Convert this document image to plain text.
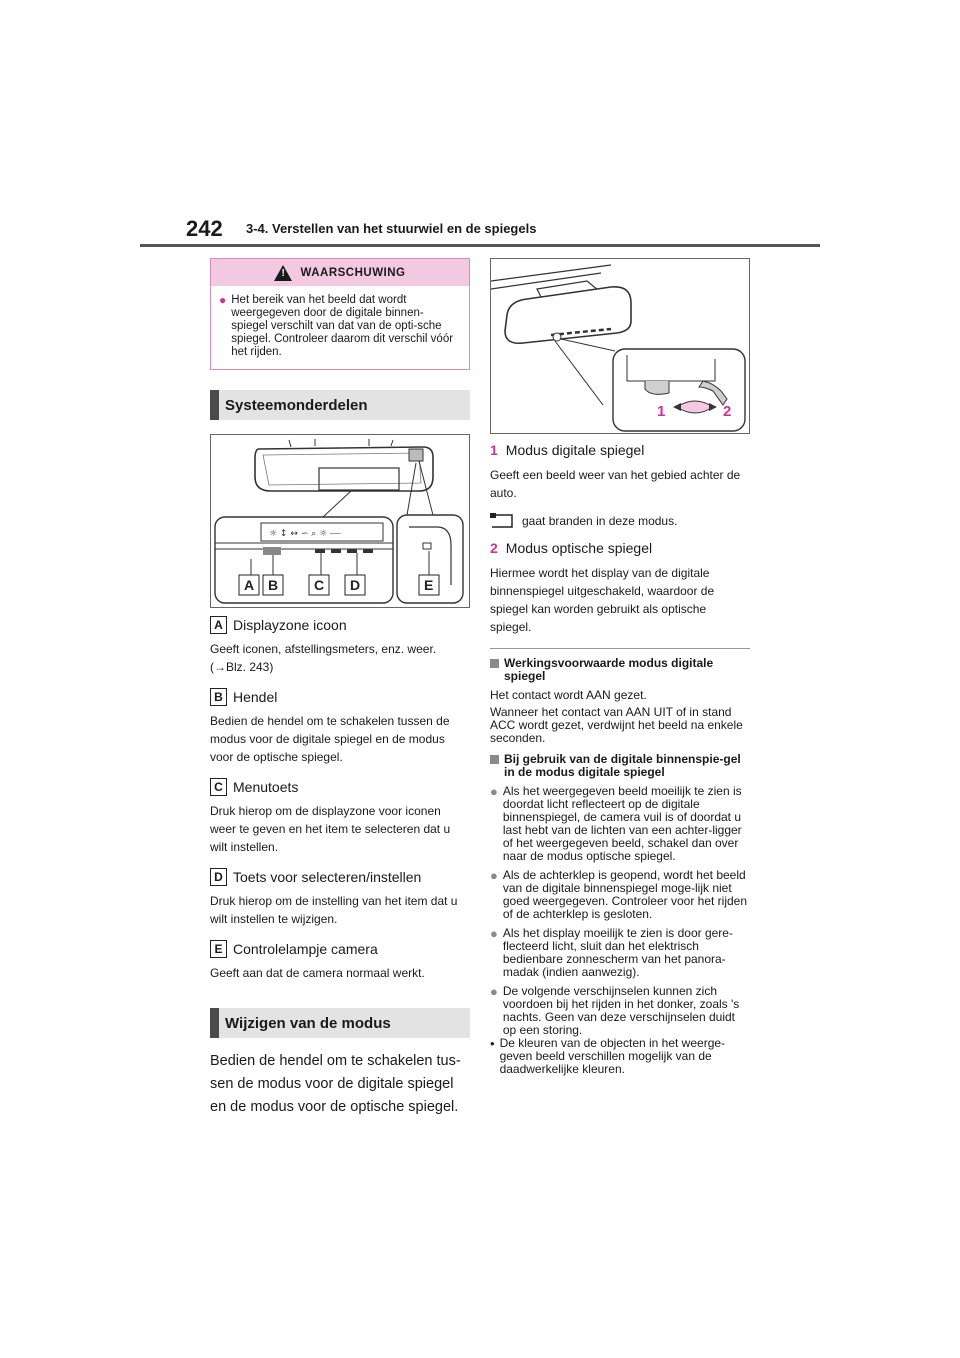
242 3-4. Verstellen van het stuurwiel en de spiegels
! WAARSCHUWING
● Het bereik van het beeld dat wordt weergegeven door de digitale binnen-spiegel verschilt van dat van de opti-sche spiegel. Controleer daarom dit verschil vóór het rijden.
Systeemonderdelen
☼ ↕ ↔ ∽ ⌕ ☼ ⎯⎯⎯
A B	C D	E
A Displayzone icoon
Geeft iconen, afstellingsmeters, enz. weer. (→Blz. 243)
B Hendel
Bedien de hendel om te schakelen tussen de modus voor de digitale spiegel en de modus voor de optische spiegel.
C Menutoets
Druk hierop om de displayzone voor iconen weer te geven en het item te selecteren dat u wilt instellen.
D Toets voor selecteren/instellen
Druk hierop om de instelling van het item dat u wilt instellen te wijzigen.
E Controlelampje camera
Geeft aan dat de camera normaal werkt.
Wijzigen van de modus
Bedien de hendel om te schakelen tus-sen de modus voor de digitale spiegel en de modus voor de optische spiegel.
1	2
1 Modus digitale spiegel
Geeft een beeld weer van het gebied achter de auto.
gaat branden in deze modus.
2 Modus optische spiegel
Hiermee wordt het display van de digitale binnenspiegel uitgeschakeld, waardoor de spiegel kan worden gebruikt als optische spiegel.
Werkingsvoorwaarde modus digitale spiegel
Het contact wordt AAN gezet.
Wanneer het contact van AAN UIT of in stand ACC wordt gezet, verdwijnt het beeld na enkele seconden.
Bij gebruik van de digitale binnenspie-gel in de modus digitale spiegel
● Als het weergegeven beeld moeilijk te zien is doordat licht reflecteert op de digitale binnenspiegel, de camera vuil is of doordat u last hebt van de lichten van een achter-ligger of het weergegeven beeld, schakel dan over naar de modus optische spiegel.
● Als de achterklep is geopend, wordt het beeld van de digitale binnenspiegel moge-lijk niet goed weergegeven. Controleer voor het rijden of de achterklep is gesloten.
● Als het display moeilijk te zien is door gere-flecteerd licht, sluit dan het elektrisch bedienbare zonnescherm van het panora-madak (indien aanwezig).
● De volgende verschijnselen kunnen zich voordoen bij het rijden in het donker, zoals 's nachts. Geen van deze verschijnselen duidt op een storing.
• De kleuren van de objecten in het weerge-geven beeld verschillen mogelijk van de daadwerkelijke kleuren.
